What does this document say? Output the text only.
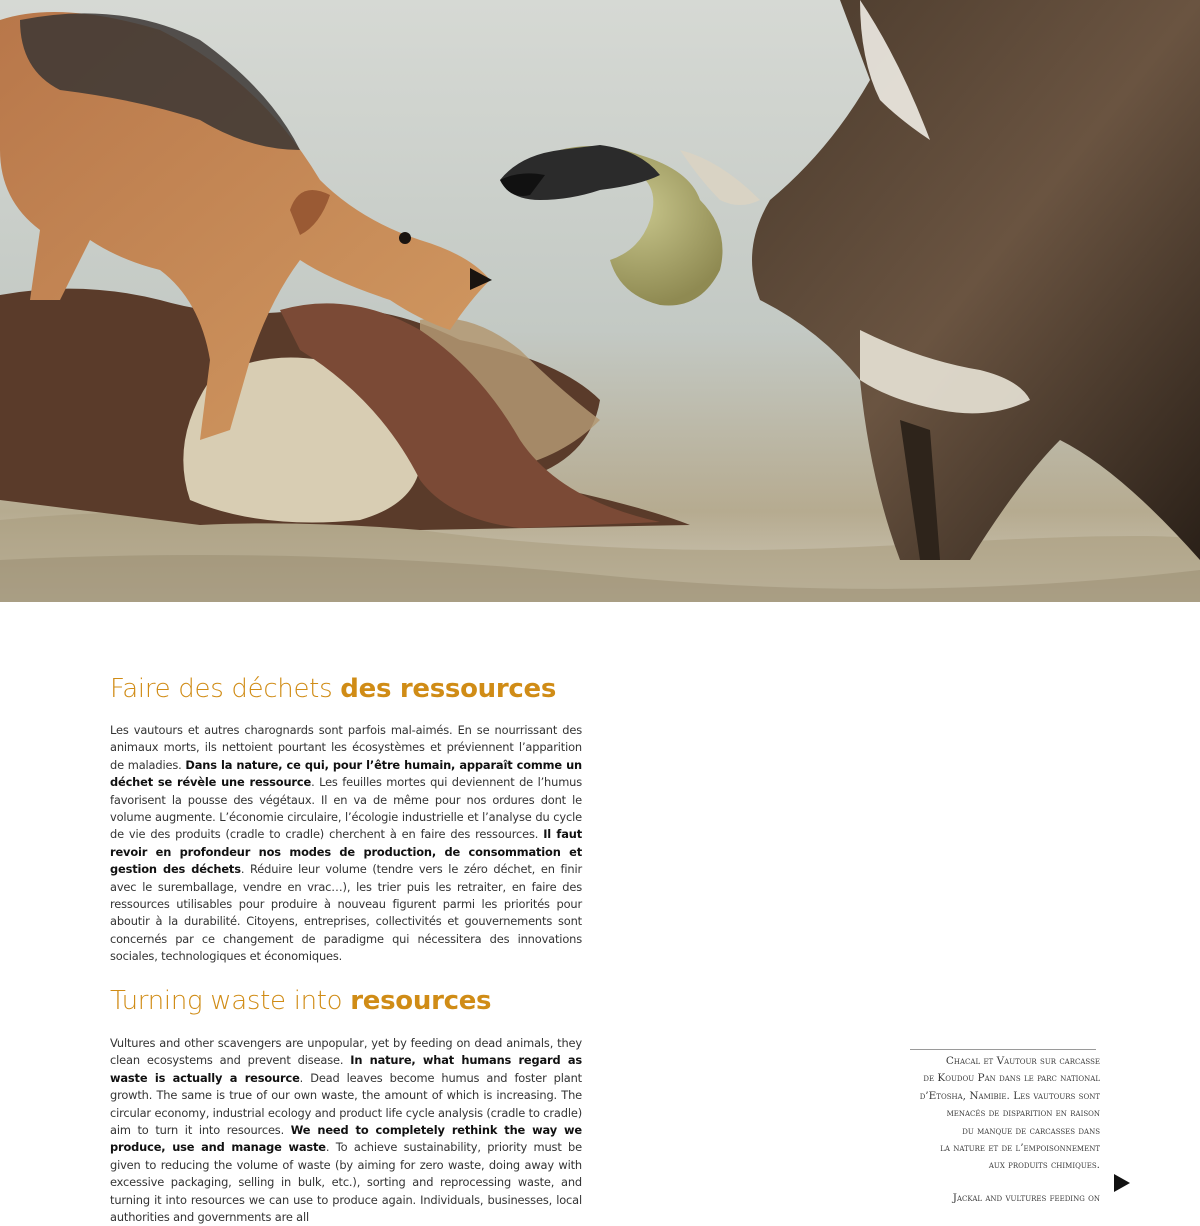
Faire des déchets des ressources

Les vautours et autres charognards sont parfois mal-aimés. En se nourrissant des animaux morts, ils nettoient pourtant les écosystèmes et préviennent l’apparition de maladies. Dans la nature, ce qui, pour l’être humain, apparaît comme un déchet se révèle une ressource. Les feuilles mortes qui deviennent de l’humus favorisent la pousse des végétaux. Il en va de même pour nos ordures dont le volume augmente. L’économie circulaire, l’écologie industrielle et l’analyse du cycle de vie des produits (cradle to cradle) cherchent à en faire des ressources. Il faut revoir en profondeur nos modes de production, de consommation et gestion des déchets. Réduire leur volume (tendre vers le zéro déchet, en finir avec le suremballage, vendre en vrac…), les trier puis les retraiter, en faire des ressources utilisables pour produire à nouveau figurent parmi les priorités pour aboutir à la durabilité. Citoyens, entreprises, collectivités et gouvernements sont concernés par ce changement de paradigme qui nécessitera des innovations sociales, technologiques et économiques.

Turning waste into resources

Vultures and other scavengers are unpopular, yet by feeding on dead animals, they clean ecosystems and prevent disease. In nature, what humans regard as waste is actually a resource. Dead leaves become humus and foster plant growth. The same is true of our own waste, the amount of which is increasing. The circular economy, industrial ecology and product life cycle analysis (cradle to cradle) aim to turn it into resources. We need to completely rethink the way we produce, use and manage waste. To achieve sustainability, priority must be given to reducing the volume of waste (by aiming for zero waste, doing away with excessive packaging, selling in bulk, etc.), sorting and reprocessing waste, and turning it into resources we can use to produce again. Individuals, businesses, local authorities and governments are all

Chacal et Vautour sur carcasse
de Koudou Pan dans le parc national
d’Etosha, Namibie. Les vautours sont
menacés de disparition en raison
du manque de carcasses dans
la nature et de l’empoisonnement
aux produits chimiques.

Jackal and vultures feeding on
